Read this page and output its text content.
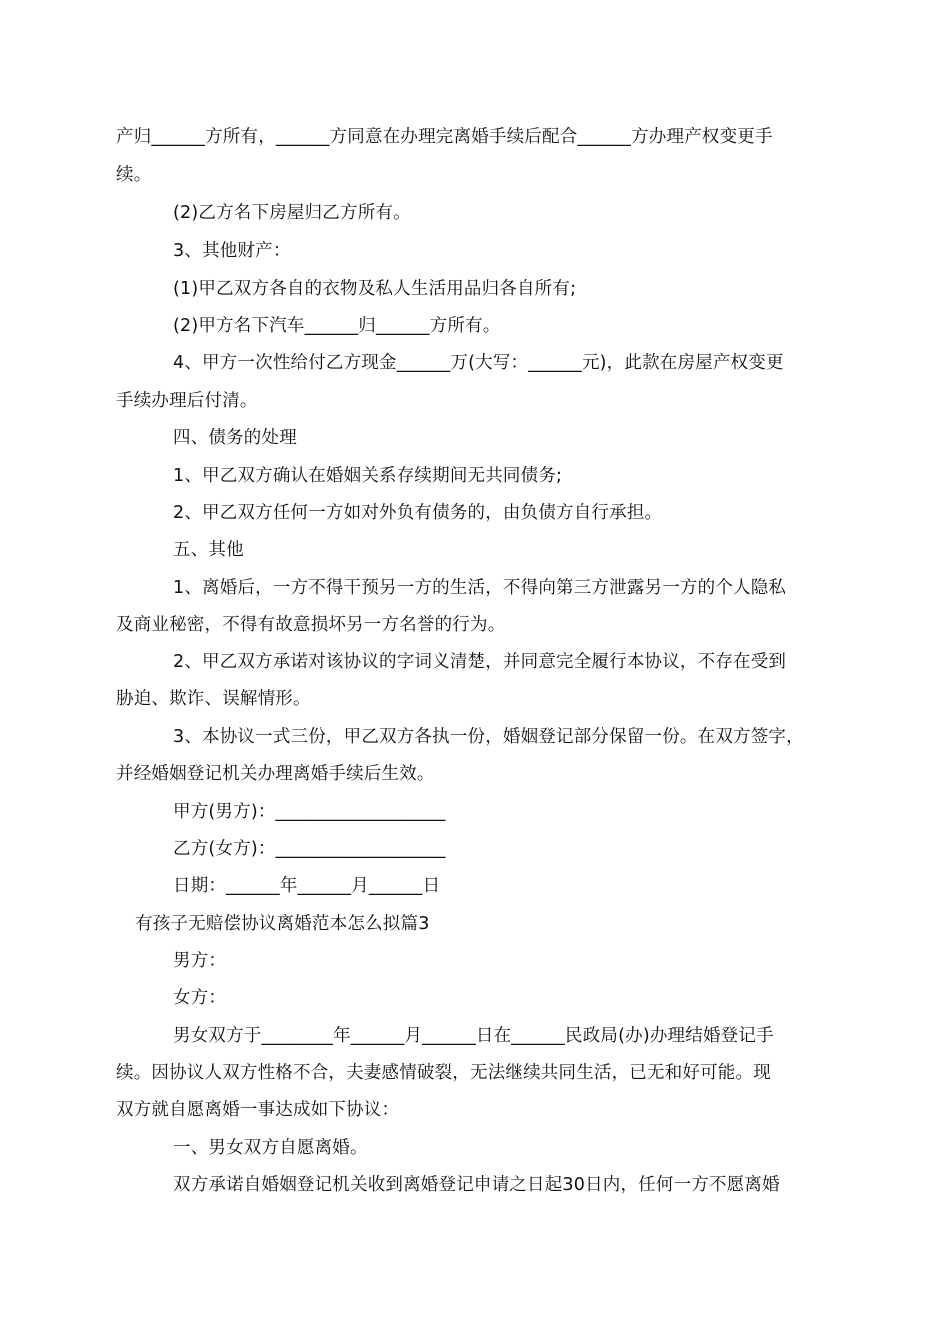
产归______方所有，______方同意在办理完离婚手续后配合______方办理产权变更手
续。
(2)乙方名下房屋归乙方所有。
3、其他财产：
(1)甲乙双方各自的衣物及私人生活用品归各自所有;
(2)甲方名下汽车______归______方所有。
4、甲方一次性给付乙方现金______万(大写：______元)，此款在房屋产权变更
手续办理后付清。
四、债务的处理
1、甲乙双方确认在婚姻关系存续期间无共同债务;
2、甲乙双方任何一方如对外负有债务的，由负债方自行承担。
五、其他
1、离婚后，一方不得干预另一方的生活，不得向第三方泄露另一方的个人隐私
及商业秘密，不得有故意损坏另一方名誉的行为。
2、甲乙双方承诺对该协议的字词义清楚，并同意完全履行本协议，不存在受到
胁迫、欺诈、误解情形。
3、本协议一式三份，甲乙双方各执一份，婚姻登记部分保留一份。在双方签字，
并经婚姻登记机关办理离婚手续后生效。
甲方(男方)：___________________
乙方(女方)：___________________
日期：______年______月______日
有孩子无赔偿协议离婚范本怎么拟篇3
男方：
女方：
男女双方于________年______月______日在______民政局(办)办理结婚登记手
续。因协议人双方性格不合，夫妻感情破裂，无法继续共同生活，已无和好可能。现
双方就自愿离婚一事达成如下协议：
一、男女双方自愿离婚。
双方承诺自婚姻登记机关收到离婚登记申请之日起30日内，任何一方不愿离婚
